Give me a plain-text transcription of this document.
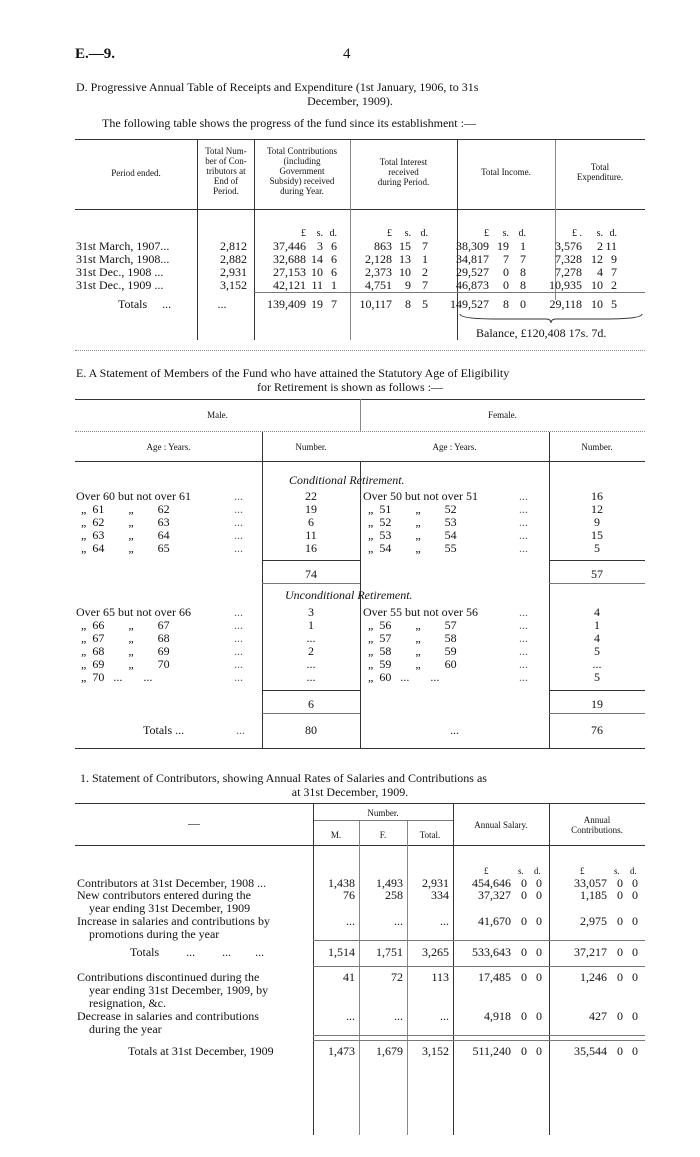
E.—9.	4
D. Progressive Annual Table of Receipts and Expenditure (1st January, 1906, to 31s
December, 1909).
The following table shows the progress of the fund since its establishment :—
Period ended.
Total Num-
ber of Con-
tributors at
End of
Period.
Total Contributions
(including
Government
Subsidy) received
during Year.
Total Interest
received
during Period.
Total Income.	Total
Expenditure.
			£	s.	d.		£	s.	d.		£	s.	d.		£ .	s.	d.
31st March, 1907...	2,812		37,446	3	6		863	15	7		38,309	19	1		3,576	2	11
31st March, 1908...	2,882		32,688	14	6		2,128	13	1		34,817	7	7		7,328	12	9
31st Dec., 1908 ...	2,931		27,153	10	6		2,373	10	2		29,527	0	8		7,278	4	7
31st Dec., 1909 ...	3,152		42,121	11	1		4,751	9	7		46,873	0	8		10,935	10	2
Totals ...	...		139,409	19	7		10,117	8	5		149,527	8	0		29,118	10	5
Balance, £120,408 17s. 7d.
E. A Statement of Members of the Fund who have attained the Statutory Age of Eligibility
for Retirement is shown as follows :—
Male.	Female.
Age : Years.	Number.	Age : Years.	Number.
Conditional Retirement.
Over 60 but not over 61	...	22	Over 50 but not over 51	...	16
„  61        „        62	...	19	„  51        „        52	...	12
„  62        „        63	...	6	„  52        „        53	...	9
„  63        „        64	...	11	„  53        „        54	...	15
„  64        „        65	...	16	„  54        „        55	...	5
74	57
Unconditional Retirement.
Over 65 but not over 66	...	3	Over 55 but not over 56	...	4
„  66        „        67	...	1	„  56        „        57	...	1
„  67        „        68	...	...	„  57        „        58	...	4
„  68        „        69	...	2	„  58        „        59	...	5
„  69        „        70	...	...	„  59        „        60	...	...
„  70   ...       ...	...	...	„  60   ...       ...	...	5
6	19
Totals ...	...	80	...	76
1. Statement of Contributors, showing Annual Rates of Salaries and Contributions as
at 31st December, 1909.
—
Number.
M.	F.	Total.
Annual Salary.	Annual
Contributions.
£	s. d.	£	s. d.
Contributors at 31st December, 1908 ...	1,438	1,493	2,931	454,646 0 0	33,057 0 0
New contributors entered during the
year ending 31st December, 1909
76	258	334	37,327 0 0	1,185 0 0
Increase in salaries and contributions by
promotions during the year
...	...	...	41,670 0 0	2,975 0 0
Totals         ...         ...        ...	1,514	1,751	3,265	533,643 0 0	37,217 0 0
Contributions discontinued during the
year ending 31st December, 1909, by
resignation, &c.
41	72	113	17,485 0 0	1,246 0 0
Decrease in salaries and contributions
during the year
...	...	...	4,918 0 0	427 0 0
Totals at 31st December, 1909	1,473	1,679	3,152	511,240 0 0	35,544 0 0
